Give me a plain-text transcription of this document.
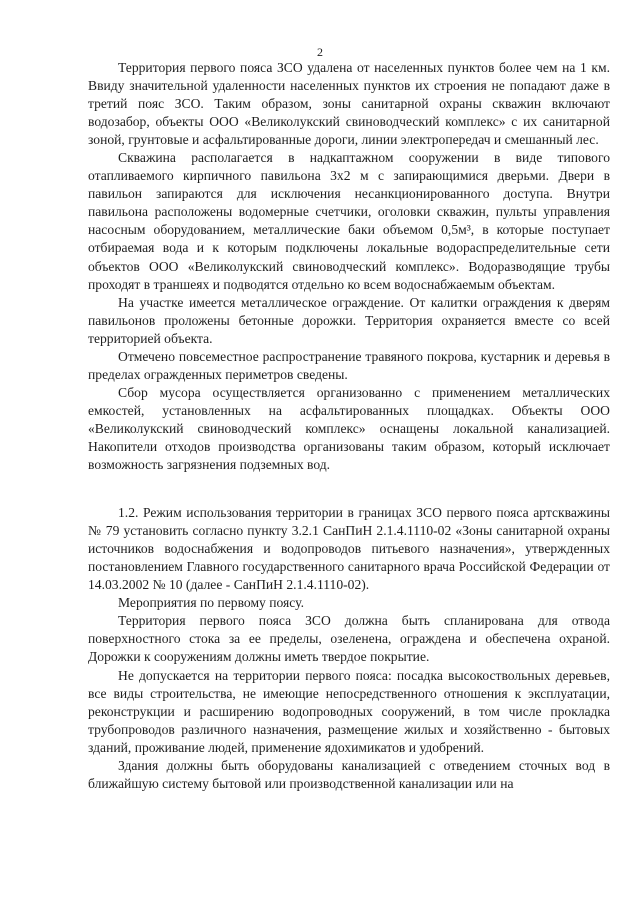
2

Территория первого пояса ЗСО удалена от населенных пунктов более чем на 1 км. Ввиду значительной удаленности населенных пунктов их строения не попадают даже в третий пояс ЗСО. Таким образом, зоны санитарной охраны скважин включают водозабор, объекты ООО «Великолукский свиноводческий комплекс» с их санитарной зоной, грунтовые и асфальтированные дороги, линии электропередач и смешанный лес.

Скважина располагается в надкаптажном сооружении в виде типового отапливаемого кирпичного павильона 3х2 м с запирающимися дверьми. Двери в павильон запираются для исключения несанкционированного доступа. Внутри павильона расположены водомерные счетчики, оголовки скважин, пульты управления насосным оборудованием, металлические баки объемом 0,5м³, в которые поступает отбираемая вода и к которым подключены локальные водораспределительные сети объектов ООО «Великолукский свиноводческий комплекс». Водоразводящие трубы проходят в траншеях и подводятся отдельно ко всем водоснабжаемым объектам.

На участке имеется металлическое ограждение. От калитки ограждения к дверям павильонов проложены бетонные дорожки. Территория охраняется вместе со всей территорией объекта.

Отмечено повсеместное распространение травяного покрова, кустарник и деревья в пределах огражденных периметров сведены.

Сбор мусора осуществляется организованно с применением металлических емкостей, установленных на асфальтированных площадках. Объекты ООО «Великолукский свиноводческий комплекс» оснащены локальной канализацией. Накопители отходов производства организованы таким образом, который исключает возможность загрязнения подземных вод.

1.2. Режим использования территории в границах ЗСО первого пояса артскважины № 79 установить согласно пункту 3.2.1 СанПиН 2.1.4.1110-02 «Зоны санитарной охраны источников водоснабжения и водопроводов питьевого назначения», утвержденных постановлением Главного государственного санитарного врача Российской Федерации от 14.03.2002 № 10 (далее - СанПиН 2.1.4.1110-02).

Мероприятия по первому поясу.

Территория первого пояса ЗСО должна быть спланирована для отвода поверхностного стока за ее пределы, озеленена, ограждена и обеспечена охраной. Дорожки к сооружениям должны иметь твердое покрытие.

Не допускается на территории первого пояса: посадка высокоствольных деревьев, все виды строительства, не имеющие непосредственного отношения к эксплуатации, реконструкции и расширению водопроводных сооружений, в том числе прокладка трубопроводов различного назначения, размещение жилых и хозяйственно - бытовых зданий, проживание людей, применение ядохимикатов и удобрений.

Здания должны быть оборудованы канализацией с отведением сточных вод в ближайшую систему бытовой или производственной канализации или на
